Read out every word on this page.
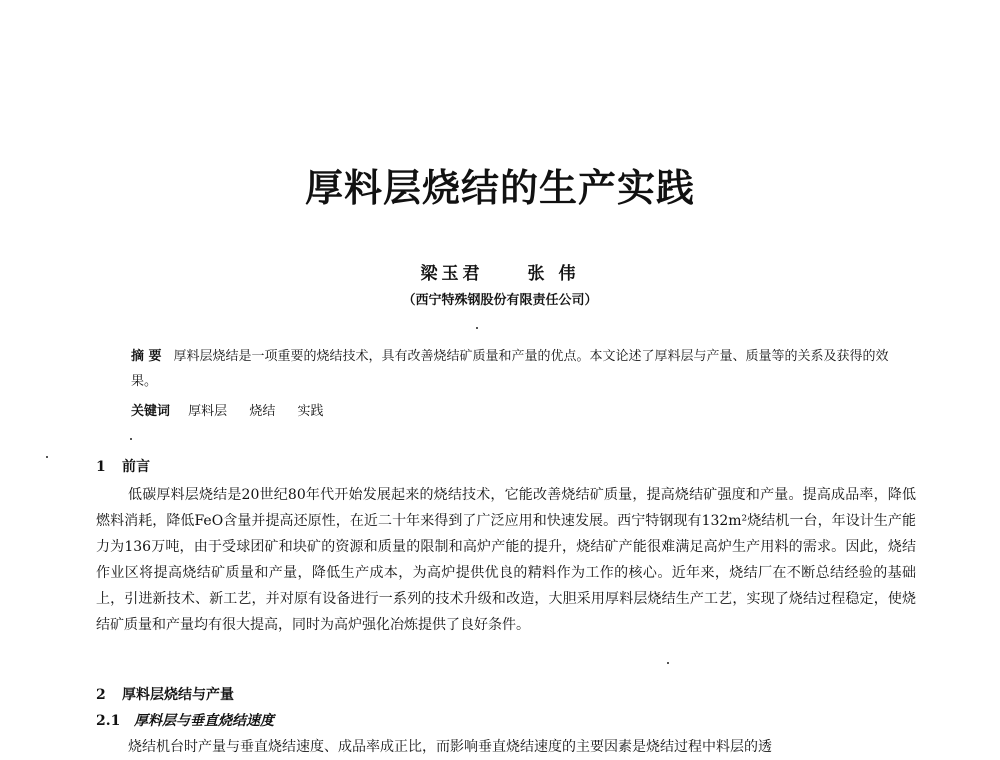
厚料层烧结的生产实践
梁玉君	张 伟
（西宁特殊钢股份有限责任公司）
摘 要 厚料层烧结是一项重要的烧结技术，具有改善烧结矿质量和产量的优点。本文论述了厚料层与产量、质量等的关系及获得的效果。
关键词 厚料层 烧结 实践
1 前言

低碳厚料层烧结是20世纪80年代开始发展起来的烧结技术，它能改善烧结矿质量，提高烧结矿强度和产量。提高成品率，降低燃料消耗，降低FeO含量并提高还原性，在近二十年来得到了广泛应用和快速发展。西宁特钢现有132m²烧结机一台，年设计生产能力为136万吨，由于受球团矿和块矿的资源和质量的限制和高炉产能的提升，烧结矿产能很难满足高炉生产用料的需求。因此，烧结作业区将提高烧结矿质量和产量，降低生产成本，为高炉提供优良的精料作为工作的核心。近年来，烧结厂在不断总结经验的基础上，引进新技术、新工艺，并对原有设备进行一系列的技术升级和改造，大胆采用厚料层烧结生产工艺，实现了烧结过程稳定，使烧结矿质量和产量均有很大提高，同时为高炉强化冶炼提供了良好条件。

2 厚料层烧结与产量
2.1 厚料层与垂直烧结速度

烧结机台时产量与垂直烧结速度、成品率成正比，而影响垂直烧结速度的主要因素是烧结过程中料层的透
